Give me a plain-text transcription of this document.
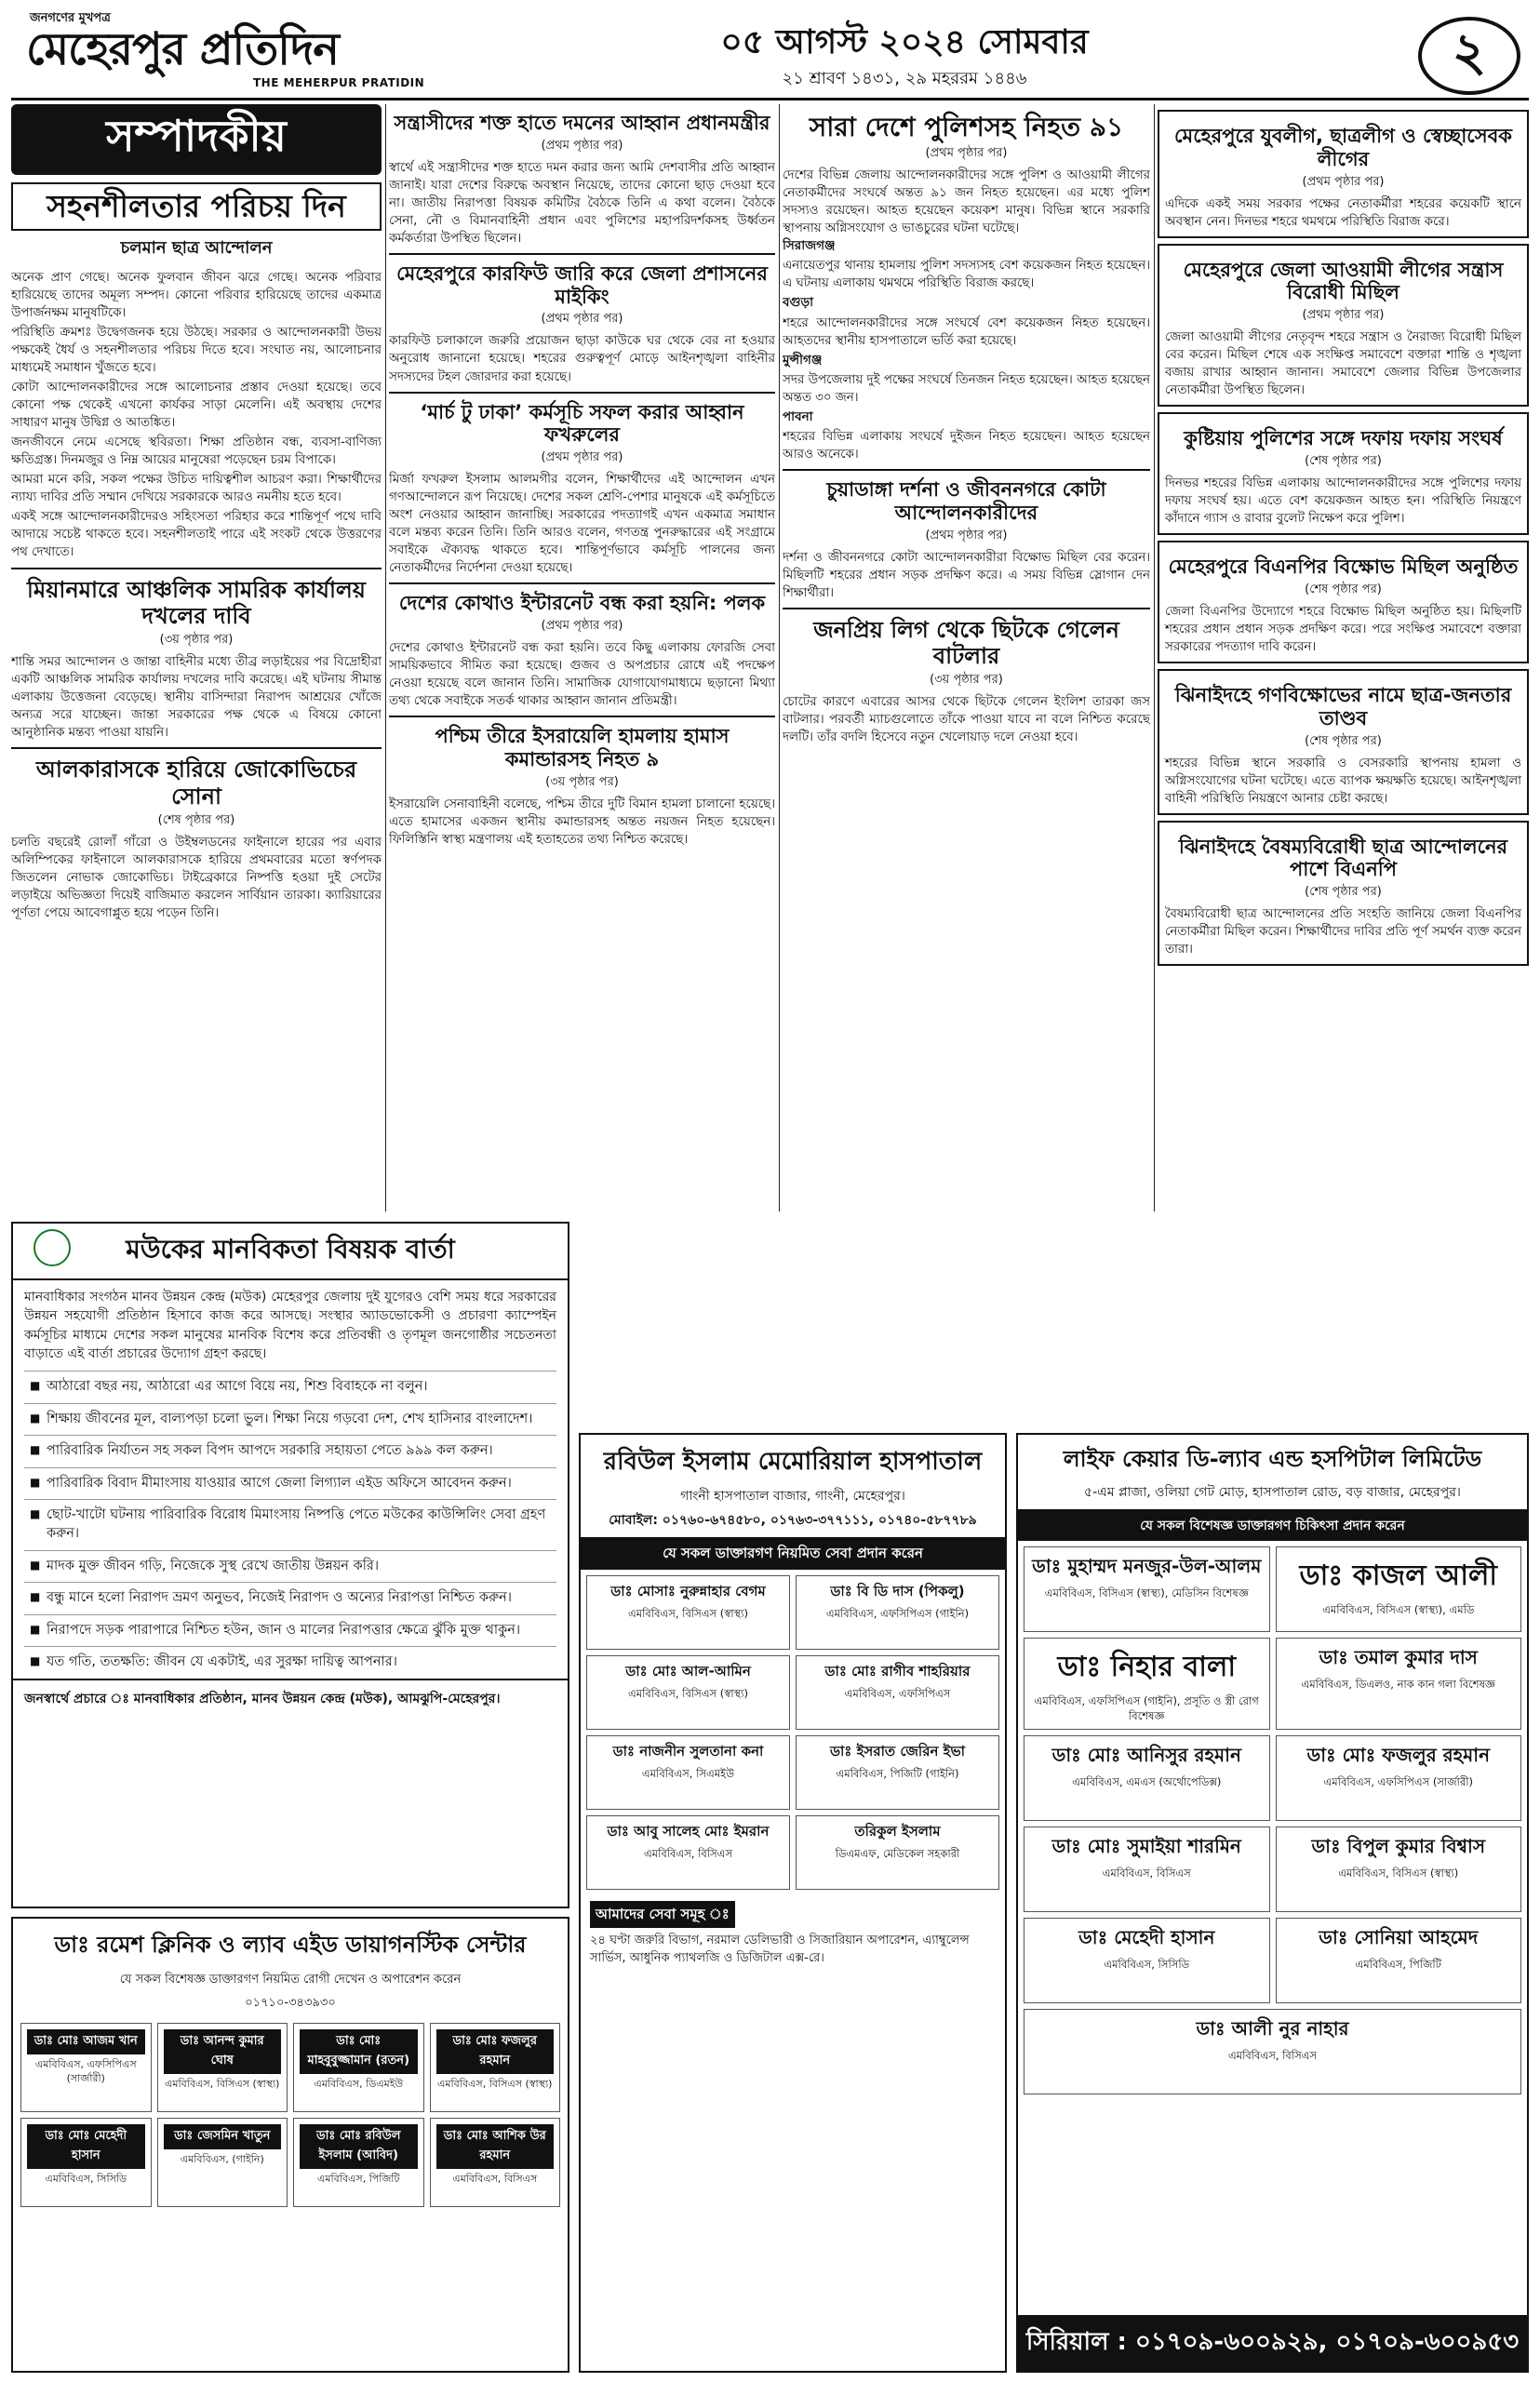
জনগণের মুখপত্র
মেহেরপুর প্রতিদিন
THE MEHERPUR PRATIDIN
০৫ আগস্ট ২০২৪ সোমবার
২১ শ্রাবণ ১৪৩১, ২৯ মহররম ১৪৪৬	২
সম্পাদকীয়
সহনশীলতার পরিচয় দিন
চলমান ছাত্র আন্দোলন

অনেক প্রাণ গেছে। অনেক ফুলবান জীবন ঝরে গেছে। অনেক পরিবার হারিয়েছে তাদের অমূল্য সম্পদ। কোনো পরিবার হারিয়েছে তাদের একমাত্র উপার্জনক্ষম মানুষটিকে।

পরিস্থিতি ক্রমশঃ উদ্বেগজনক হয়ে উঠছে। সরকার ও আন্দোলনকারী উভয় পক্ষকেই ধৈর্য ও সহনশীলতার পরিচয় দিতে হবে। সংঘাত নয়, আলোচনার মাধ্যমেই সমাধান খুঁজতে হবে।

কোটা আন্দোলনকারীদের সঙ্গে আলোচনার প্রস্তাব দেওয়া হয়েছে। তবে কোনো পক্ষ থেকেই এখনো কার্যকর সাড়া মেলেনি। এই অবস্থায় দেশের সাধারণ মানুষ উদ্বিগ্ন ও আতঙ্কিত।

জনজীবনে নেমে এসেছে স্থবিরতা। শিক্ষা প্রতিষ্ঠান বন্ধ, ব্যবসা-বাণিজ্য ক্ষতিগ্রস্ত। দিনমজুর ও নিম্ন আয়ের মানুষেরা পড়েছেন চরম বিপাকে।

আমরা মনে করি, সকল পক্ষের উচিত দায়িত্বশীল আচরণ করা। শিক্ষার্থীদের ন্যায্য দাবির প্রতি সম্মান দেখিয়ে সরকারকে আরও নমনীয় হতে হবে।

একই সঙ্গে আন্দোলনকারীদেরও সহিংসতা পরিহার করে শান্তিপূর্ণ পথে দাবি আদায়ে সচেষ্ট থাকতে হবে। সহনশীলতাই পারে এই সংকট থেকে উত্তরণের পথ দেখাতে।

মিয়ানমারে আঞ্চলিক সামরিক কার্যালয় দখলের দাবি
(৩য় পৃষ্ঠার পর)
শান্তি সমর আন্দোলন ও জান্তা বাহিনীর মধ্যে তীব্র লড়াইয়ের পর বিদ্রোহীরা একটি আঞ্চলিক সামরিক কার্যালয় দখলের দাবি করেছে। এই ঘটনায় সীমান্ত এলাকায় উত্তেজনা বেড়েছে। স্থানীয় বাসিন্দারা নিরাপদ আশ্রয়ের খোঁজে অন্যত্র সরে যাচ্ছেন। জান্তা সরকারের পক্ষ থেকে এ বিষয়ে কোনো আনুষ্ঠানিক মন্তব্য পাওয়া যায়নি।
আলকারাসকে হারিয়ে জোকোভিচের সোনা
(শেষ পৃষ্ঠার পর)
চলতি বছরেই রোলাঁ গাঁরো ও উইম্বলডনের ফাইনালে হারের পর এবার অলিম্পিকের ফাইনালে আলকারাসকে হারিয়ে প্রথমবারের মতো স্বর্ণপদক জিতলেন নোভাক জোকোভিচ। টাইব্রেকারে নিষ্পত্তি হওয়া দুই সেটের লড়াইয়ে অভিজ্ঞতা দিয়েই বাজিমাত করলেন সার্বিয়ান তারকা। ক্যারিয়ারের পূর্ণতা পেয়ে আবেগাপ্লুত হয়ে পড়েন তিনি।
সন্ত্রাসীদের শক্ত হাতে দমনের আহ্বান প্রধানমন্ত্রীর
(প্রথম পৃষ্ঠার পর)
স্বার্থে এই সন্ত্রাসীদের শক্ত হাতে দমন করার জন্য আমি দেশবাসীর প্রতি আহ্বান জানাই। যারা দেশের বিরুদ্ধে অবস্থান নিয়েছে, তাদের কোনো ছাড় দেওয়া হবে না। জাতীয় নিরাপত্তা বিষয়ক কমিটির বৈঠকে তিনি এ কথা বলেন। বৈঠকে সেনা, নৌ ও বিমানবাহিনী প্রধান এবং পুলিশের মহাপরিদর্শকসহ উর্ধ্বতন কর্মকর্তারা উপস্থিত ছিলেন।
মেহেরপুরে কারফিউ জারি করে জেলা প্রশাসনের মাইকিং
(প্রথম পৃষ্ঠার পর)
কারফিউ চলাকালে জরুরি প্রয়োজন ছাড়া কাউকে ঘর থেকে বের না হওয়ার অনুরোধ জানানো হয়েছে। শহরের গুরুত্বপূর্ণ মোড়ে আইনশৃঙ্খলা বাহিনীর সদস্যদের টহল জোরদার করা হয়েছে।
‘মার্চ টু ঢাকা’ কর্মসূচি সফল করার আহ্বান ফখরুলের
(প্রথম পৃষ্ঠার পর)
মির্জা ফখরুল ইসলাম আলমগীর বলেন, শিক্ষার্থীদের এই আন্দোলন এখন গণআন্দোলনে রূপ নিয়েছে। দেশের সকল শ্রেণি-পেশার মানুষকে এই কর্মসূচিতে অংশ নেওয়ার আহ্বান জানাচ্ছি। সরকারের পদত্যাগই এখন একমাত্র সমাধান বলে মন্তব্য করেন তিনি। তিনি আরও বলেন, গণতন্ত্র পুনরুদ্ধারের এই সংগ্রামে সবাইকে ঐক্যবদ্ধ থাকতে হবে। শান্তিপূর্ণভাবে কর্মসূচি পালনের জন্য নেতাকর্মীদের নির্দেশনা দেওয়া হয়েছে।
দেশের কোথাও ইন্টারনেট বন্ধ করা হয়নি: পলক
(প্রথম পৃষ্ঠার পর)
দেশের কোথাও ইন্টারনেট বন্ধ করা হয়নি। তবে কিছু এলাকায় ফোরজি সেবা সাময়িকভাবে সীমিত করা হয়েছে। গুজব ও অপপ্রচার রোধে এই পদক্ষেপ নেওয়া হয়েছে বলে জানান তিনি। সামাজিক যোগাযোগমাধ্যমে ছড়ানো মিথ্যা তথ্য থেকে সবাইকে সতর্ক থাকার আহ্বান জানান প্রতিমন্ত্রী।
পশ্চিম তীরে ইসরায়েলি হামলায় হামাস কমান্ডারসহ নিহত ৯
(৩য় পৃষ্ঠার পর)
ইসরায়েলি সেনাবাহিনী বলেছে, পশ্চিম তীরে দুটি বিমান হামলা চালানো হয়েছে। এতে হামাসের একজন স্থানীয় কমান্ডারসহ অন্তত নয়জন নিহত হয়েছেন। ফিলিস্তিনি স্বাস্থ্য মন্ত্রণালয় এই হতাহতের তথ্য নিশ্চিত করেছে।
সারা দেশে পুলিশসহ নিহত ৯১
(প্রথম পৃষ্ঠার পর)
দেশের বিভিন্ন জেলায় আন্দোলনকারীদের সঙ্গে পুলিশ ও আওয়ামী লীগের নেতাকর্মীদের সংঘর্ষে অন্তত ৯১ জন নিহত হয়েছেন। এর মধ্যে পুলিশ সদস্যও রয়েছেন। আহত হয়েছেন কয়েকশ মানুষ। বিভিন্ন স্থানে সরকারি স্থাপনায় অগ্নিসংযোগ ও ভাঙচুরের ঘটনা ঘটেছে।

সিরাজগঞ্জ

এনায়েতপুর থানায় হামলায় পুলিশ সদস্যসহ বেশ কয়েকজন নিহত হয়েছেন। এ ঘটনায় এলাকায় থমথমে পরিস্থিতি বিরাজ করছে।

বগুড়া

শহরে আন্দোলনকারীদের সঙ্গে সংঘর্ষে বেশ কয়েকজন নিহত হয়েছেন। আহতদের স্থানীয় হাসপাতালে ভর্তি করা হয়েছে।

মুন্সীগঞ্জ

সদর উপজেলায় দুই পক্ষের সংঘর্ষে তিনজন নিহত হয়েছেন। আহত হয়েছেন অন্তত ৩০ জন।

পাবনা

শহরের বিভিন্ন এলাকায় সংঘর্ষে দুইজন নিহত হয়েছেন। আহত হয়েছেন আরও অনেকে।

চুয়াডাঙ্গা দর্শনা ও জীবননগরে কোটা আন্দোলনকারীদের
(প্রথম পৃষ্ঠার পর)
দর্শনা ও জীবননগরে কোটা আন্দোলনকারীরা বিক্ষোভ মিছিল বের করেন। মিছিলটি শহরের প্রধান সড়ক প্রদক্ষিণ করে। এ সময় বিভিন্ন স্লোগান দেন শিক্ষার্থীরা।
জনপ্রিয় লিগ থেকে ছিটকে গেলেন বাটলার
(৩য় পৃষ্ঠার পর)
চোটের কারণে এবারের আসর থেকে ছিটকে গেলেন ইংলিশ তারকা জস বাটলার। পরবর্তী ম্যাচগুলোতে তাঁকে পাওয়া যাবে না বলে নিশ্চিত করেছে দলটি। তাঁর বদলি হিসেবে নতুন খেলোয়াড় দলে নেওয়া হবে।
মেহেরপুরে যুবলীগ, ছাত্রলীগ ও স্বেচ্ছাসেবক লীগের
(প্রথম পৃষ্ঠার পর)
এদিকে একই সময় সরকার পক্ষের নেতাকর্মীরা শহরের কয়েকটি স্থানে অবস্থান নেন। দিনভর শহরে থমথমে পরিস্থিতি বিরাজ করে।
মেহেরপুরে জেলা আওয়ামী লীগের সন্ত্রাস বিরোধী মিছিল
(প্রথম পৃষ্ঠার পর)
জেলা আওয়ামী লীগের নেতৃবৃন্দ শহরে সন্ত্রাস ও নৈরাজ্য বিরোধী মিছিল বের করেন। মিছিল শেষে এক সংক্ষিপ্ত সমাবেশে বক্তারা শান্তি ও শৃঙ্খলা বজায় রাখার আহ্বান জানান। সমাবেশে জেলার বিভিন্ন উপজেলার নেতাকর্মীরা উপস্থিত ছিলেন।
কুষ্টিয়ায় পুলিশের সঙ্গে দফায় দফায় সংঘর্ষ
(শেষ পৃষ্ঠার পর)
দিনভর শহরের বিভিন্ন এলাকায় আন্দোলনকারীদের সঙ্গে পুলিশের দফায় দফায় সংঘর্ষ হয়। এতে বেশ কয়েকজন আহত হন। পরিস্থিতি নিয়ন্ত্রণে কাঁদানে গ্যাস ও রাবার বুলেট নিক্ষেপ করে পুলিশ।
মেহেরপুরে বিএনপির বিক্ষোভ মিছিল অনুষ্ঠিত
(শেষ পৃষ্ঠার পর)
জেলা বিএনপির উদ্যোগে শহরে বিক্ষোভ মিছিল অনুষ্ঠিত হয়। মিছিলটি শহরের প্রধান প্রধান সড়ক প্রদক্ষিণ করে। পরে সংক্ষিপ্ত সমাবেশে বক্তারা সরকারের পদত্যাগ দাবি করেন।
ঝিনাইদহে গণবিক্ষোভের নামে ছাত্র-জনতার তাণ্ডব
(শেষ পৃষ্ঠার পর)
শহরের বিভিন্ন স্থানে সরকারি ও বেসরকারি স্থাপনায় হামলা ও অগ্নিসংযোগের ঘটনা ঘটেছে। এতে ব্যাপক ক্ষয়ক্ষতি হয়েছে। আইনশৃঙ্খলা বাহিনী পরিস্থিতি নিয়ন্ত্রণে আনার চেষ্টা করছে।
ঝিনাইদহে বৈষম্যবিরোধী ছাত্র আন্দোলনের পাশে বিএনপি
(শেষ পৃষ্ঠার পর)
বৈষম্যবিরোধী ছাত্র আন্দোলনের প্রতি সংহতি জানিয়ে জেলা বিএনপির নেতাকর্মীরা মিছিল করেন। শিক্ষার্থীদের দাবির প্রতি পূর্ণ সমর্থন ব্যক্ত করেন তারা।
মউকের মানবিকতা বিষয়ক বার্তা
মানবাধিকার সংগঠন মানব উন্নয়ন কেন্দ্র (মউক) মেহেরপুর জেলায় দুই যুগেরও বেশি সময় ধরে সরকারের উন্নয়ন সহযোগী প্রতিষ্ঠান হিসাবে কাজ করে আসছে। সংস্থার অ্যাডভোকেসী ও প্রচারণা ক্যাম্পেইন কর্মসূচির মাধ্যমে দেশের সকল মানুষের মানবিক বিশেষ করে প্রতিবন্ধী ও তৃণমূল জনগোষ্ঠীর সচেতনতা বাড়াতে এই বার্তা প্রচারের উদ্যোগ গ্রহণ করছে।
■ আঠারো বছর নয়, আঠারো এর আগে বিয়ে নয়, শিশু বিবাহকে না বলুন।
■ শিক্ষায় জীবনের মূল, বাল্যপড়া চলো ভুল। শিক্ষা নিয়ে গড়বো দেশ, শেখ হাসিনার বাংলাদেশ।
■ পারিবারিক নির্যাতন সহ সকল বিপদ আপদে সরকারি সহায়তা পেতে ৯৯৯ কল করুন।
■ পারিবারিক বিবাদ মীমাংসায় যাওয়ার আগে জেলা লিগ্যাল এইড অফিসে আবেদন করুন।
■ ছোট-খাটো ঘটনায় পারিবারিক বিরোধ মিমাংসায় নিষ্পত্তি পেতে মউকের কাউন্সিলিং সেবা গ্রহণ করুন।
■ মাদক মুক্ত জীবন গড়ি, নিজেকে সুস্থ রেখে জাতীয় উন্নয়ন করি।
■ বন্ধু মানে হলো নিরাপদ ভ্রমণ অনুভব, নিজেই নিরাপদ ও অন্যের নিরাপত্তা নিশ্চিত করুন।
■ নিরাপদে সড়ক পারাপারে নিশ্চিত হউন, জান ও মালের নিরাপত্তার ক্ষেত্রে ঝুঁকি মুক্ত থাকুন।
■ যত গতি, ততক্ষতি: জীবন যে একটাই, এর সুরক্ষা দায়িত্ব আপনার।
জনস্বার্থে প্রচারে ঃ মানবাধিকার প্রতিষ্ঠান, মানব উন্নয়ন কেন্দ্র (মউক), আমঝুপি-মেহেরপুর।
ডাঃ রমেশ ক্লিনিক ও ল্যাব এইড ডায়াগনস্টিক সেন্টার
যে সকল বিশেষজ্ঞ ডাক্তারগণ নিয়মিত রোগী দেখেন ও অপারেশন করেন
০১৭১০-৩৪৩৯৩০
ডাঃ মোঃ আজম খান
এমবিবিএস, এফসিপিএস (সার্জারী)
ডাঃ আনন্দ কুমার ঘোষ
এমবিবিএস, বিসিএস (স্বাস্থ্য)
ডাঃ মোঃ মাহবুবুজ্জামান (রতন)
এমবিবিএস, ডিএমইউ
ডাঃ মোঃ ফজলুর রহমান
এমবিবিএস, বিসিএস (স্বাস্থ্য)
ডাঃ মোঃ মেহেদী হাসান
এমবিবিএস, সিসিডি
ডাঃ জেসমিন খাতুন
এমবিবিএস, (গাইনি)
ডাঃ মোঃ রবিউল ইসলাম (আবিদ)
এমবিবিএস, পিজিটি
ডাঃ মোঃ আশিক উর রহমান
এমবিবিএস, বিসিএস
রবিউল ইসলাম মেমোরিয়াল হাসপাতাল
গাংনী হাসপাতাল বাজার, গাংনী, মেহেরপুর।
মোবাইল: ০১৭৬০-৬৭৪৫৮০, ০১৭৬৩-৩৭৭১১১, ০১৭৪০-৫৮৭৭৮৯
যে সকল ডাক্তারগণ নিয়মিত সেবা প্রদান করেন
ডাঃ মোসাঃ নুরুন্নাহার বেগম
এমবিবিএস, বিসিএস (স্বাস্থ্য)
ডাঃ বি ডি দাস (পিকলু)
এমবিবিএস, এফসিপিএস (গাইনি)
ডাঃ মোঃ আল-আমিন
এমবিবিএস, বিসিএস (স্বাস্থ্য)
ডাঃ মোঃ রাগীব শাহরিয়ার
এমবিবিএস, এফসিপিএস
ডাঃ নাজনীন সুলতানা কনা
এমবিবিএস, সিএমইউ
ডাঃ ইসরাত জেরিন ইভা
এমবিবিএস, পিজিটি (গাইনি)
ডাঃ আবু সালেহ মোঃ ইমরান
এমবিবিএস, বিসিএস
তরিকুল ইসলাম
ডিএমএফ, মেডিকেল সহকারী
আমাদের সেবা সমূহ ঃ
২৪ ঘণ্টা জরুরি বিভাগ, নরমাল ডেলিভারী ও সিজারিয়ান অপারেশন, এ্যাম্বুলেন্স সার্ভিস, আধুনিক প্যাথলজি ও ডিজিটাল এক্স-রে।
লাইফ কেয়ার ডি-ল্যাব এন্ড হসপিটাল লিমিটেড
৫-এম প্লাজা, ওলিয়া গেট মোড়, হাসপাতাল রোড, বড় বাজার, মেহেরপুর।
যে সকল বিশেষজ্ঞ ডাক্তারগণ চিকিৎসা প্রদান করেন
ডাঃ মুহাম্মদ মনজুর-উল-আলম
এমবিবিএস, বিসিএস (স্বাস্থ্য), মেডিসিন বিশেষজ্ঞ
ডাঃ কাজল আলী
এমবিবিএস, বিসিএস (স্বাস্থ্য), এমডি
ডাঃ নিহার বালা
এমবিবিএস, এফসিপিএস (গাইনি), প্রসূতি ও স্ত্রী রোগ বিশেষজ্ঞ
ডাঃ তমাল কুমার দাস
এমবিবিএস, ডিএলও, নাক কান গলা বিশেষজ্ঞ
ডাঃ মোঃ আনিসুর রহমান
এমবিবিএস, এমএস (অর্থোপেডিক্স)
ডাঃ মোঃ ফজলুর রহমান
এমবিবিএস, এফসিপিএস (সার্জারী)
ডাঃ মোঃ সুমাইয়া শারমিন
এমবিবিএস, বিসিএস
ডাঃ বিপুল কুমার বিশ্বাস
এমবিবিএস, বিসিএস (স্বাস্থ্য)
ডাঃ মেহেদী হাসান
এমবিবিএস, সিসিডি
ডাঃ সোনিয়া আহমেদ
এমবিবিএস, পিজিটি
ডাঃ আলী নুর নাহার
এমবিবিএস, বিসিএস
সিরিয়াল : ০১৭০৯-৬০০৯২৯, ০১৭০৯-৬০০৯৫৩
